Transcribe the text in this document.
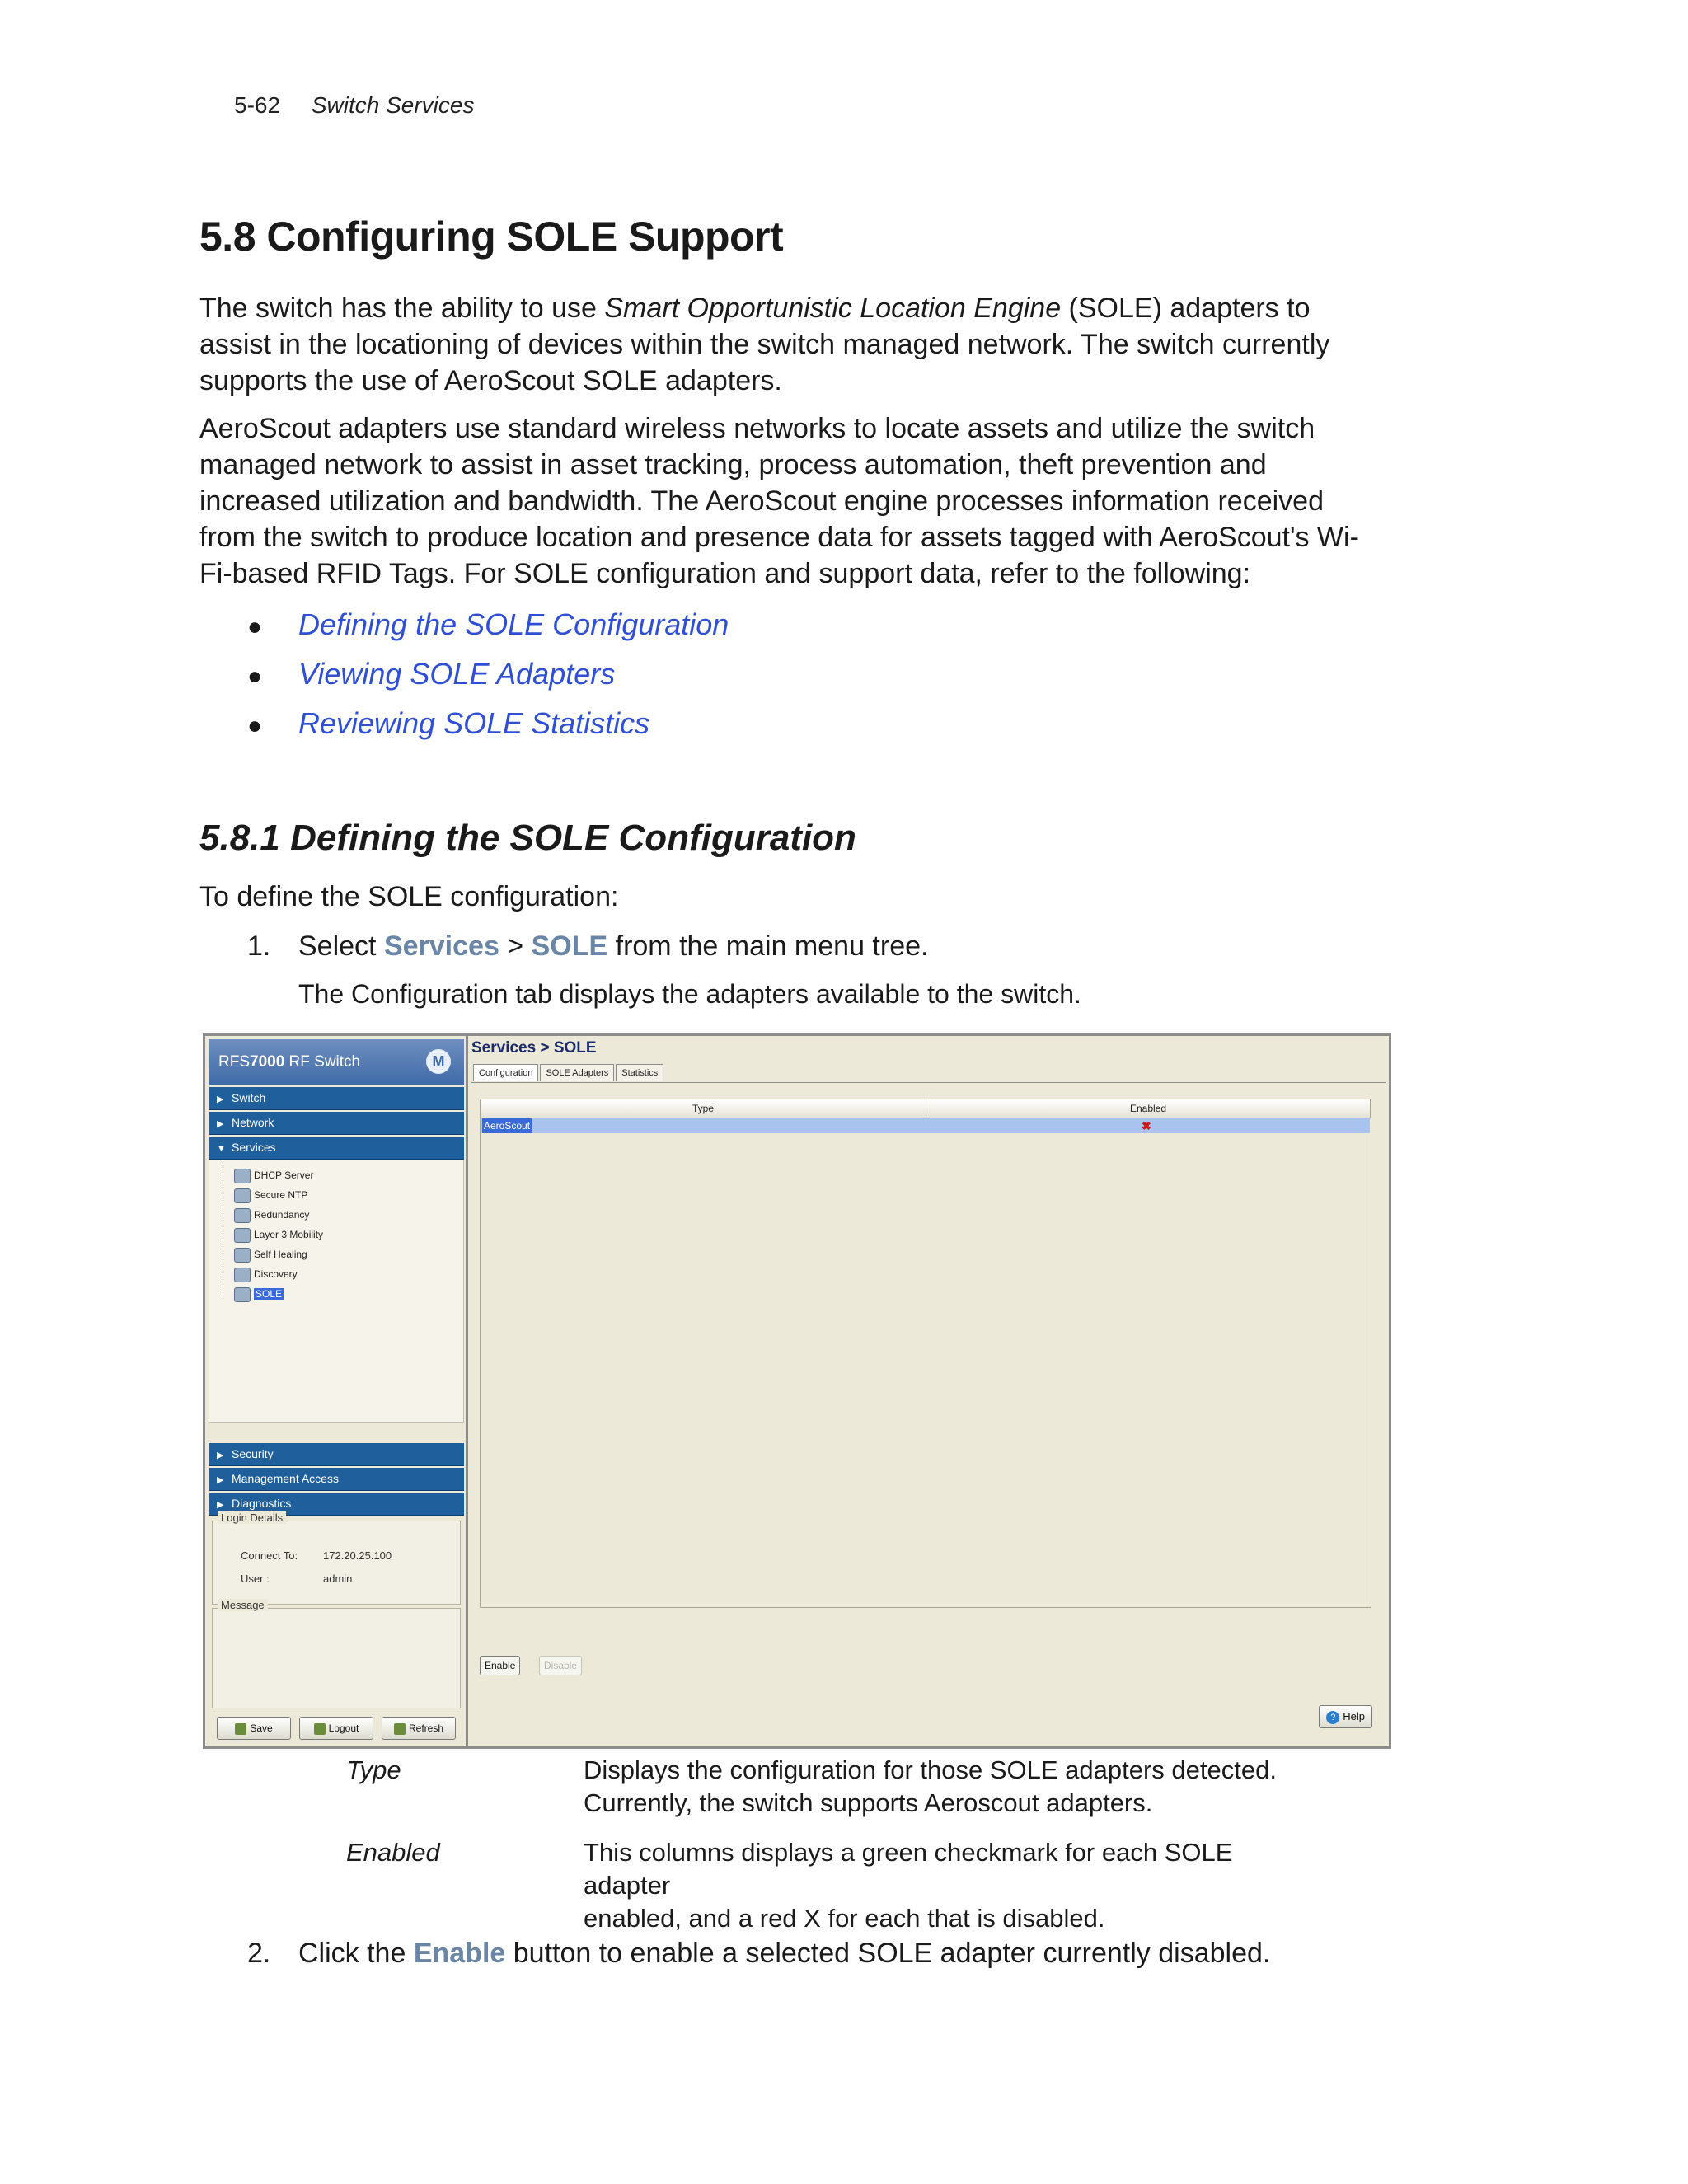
5-62 Switch Services
5.8 Configuring SOLE Support

The switch has the ability to use Smart Opportunistic Location Engine (SOLE) adapters to assist in the locationing of devices within the switch managed network. The switch currently supports the use of AeroScout SOLE adapters.

AeroScout adapters use standard wireless networks to locate assets and utilize the switch managed network to assist in asset tracking, process automation, theft prevention and increased utilization and bandwidth. The AeroScout engine processes information received from the switch to produce location and presence data for assets tagged with AeroScout's Wi-Fi-based RFID Tags. For SOLE configuration and support data, refer to the following:

● Defining the SOLE Configuration
● Viewing SOLE Adapters
● Reviewing SOLE Statistics
5.8.1 Defining the SOLE Configuration

To define the SOLE configuration:

1. Select Services > SOLE from the main menu tree.
The Configuration tab displays the adapters available to the switch.
RFS7000 RF Switch	M
▶ Switch
▶ Network
▼ Services
DHCP Server
Secure NTP
Redundancy
Layer 3 Mobility
Self Healing
Discovery
SOLE
▶ Security
▶ Management Access
▶ Diagnostics
Login Details
Connect To: 172.20.25.100
User :	admin
Message
Save	Logout	Refresh
Services > SOLE
Configuration SOLE Adapters Statistics
Type	Enabled
AeroScout	✖
Enable	Disable
? Help
Type	Displays the configuration for those SOLE adapters detected.
Currently, the switch supports Aeroscout adapters.
Enabled	This columns displays a green checkmark for each SOLE adapter
enabled, and a red X for each that is disabled.
2. Click the Enable button to enable a selected SOLE adapter currently disabled.
